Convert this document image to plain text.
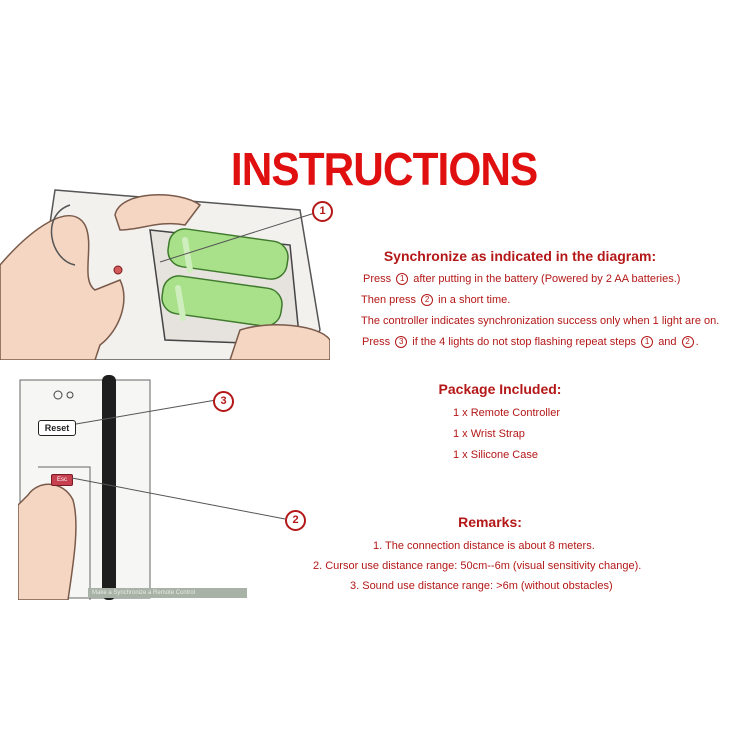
INSTRUCTIONS
1
Reset
Esc
3
2
Make a Synchronize a Remote Control
Synchronize as indicated in the diagram:
Press 1 after putting in the battery (Powered by 2 AA batteries.)
Then press 2 in a short time.
The controller indicates synchronization success only when 1 light are on.
Press 3 if the 4 lights do not stop flashing repeat steps 1 and 2 .
Package Included:
1 x Remote Controller
1 x Wrist Strap
1 x Silicone Case
Remarks:
1. The connection distance is about 8 meters.
2. Cursor use distance range: 50cm--6m (visual sensitivity change).
3. Sound use distance range: >6m (without obstacles)
